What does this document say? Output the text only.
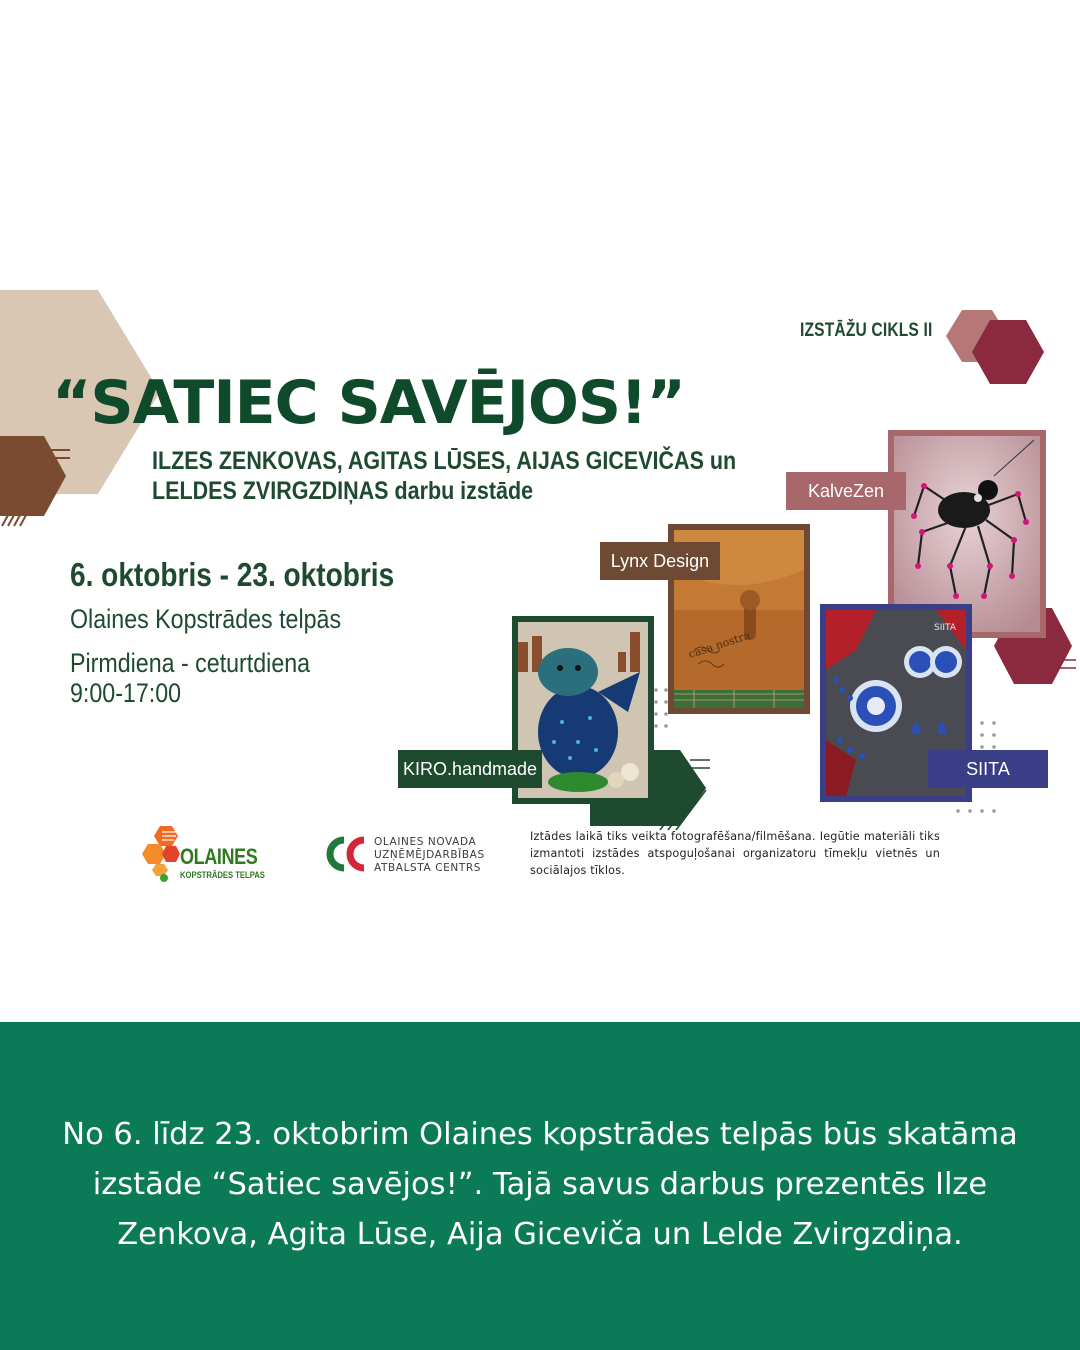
IZSTĀŽU CIKLS II
“SATIEC SAVĒJOS!”
ILZES ZENKOVAS, AGITAS LŪSES, AIJAS GICEVIČAS un LELDES ZVIRGZDIŅAS darbu izstāde
6. oktobris - 23. oktobris
Olaines Kopstrādes telpās
Pirmdiena - ceturtdiena
9:00-17:00
KalveZen
casa nostra
Lynx Design
SIITA
SIITA
KIRO.handmade
OLAINES
KOPSTRĀDES TELPAS
OLAINES NOVADA
UZŅĒMĒJDARBĪBAS
ATBALSTA CENTRS
Iztādes laikā tiks veikta fotografēšana/filmēšana. Iegūtie materiāli tiks izmantoti izstādes atspoguļošanai organizatoru tīmekļu vietnēs un sociālajos tīklos.
No 6. līdz 23. oktobrim Olaines kopstrādes telpās būs skatāma izstāde “Satiec savējos!”. Tajā savus darbus prezentēs Ilze Zenkova, Agita Lūse, Aija Giceviča un Lelde Zvirgzdiņa.
